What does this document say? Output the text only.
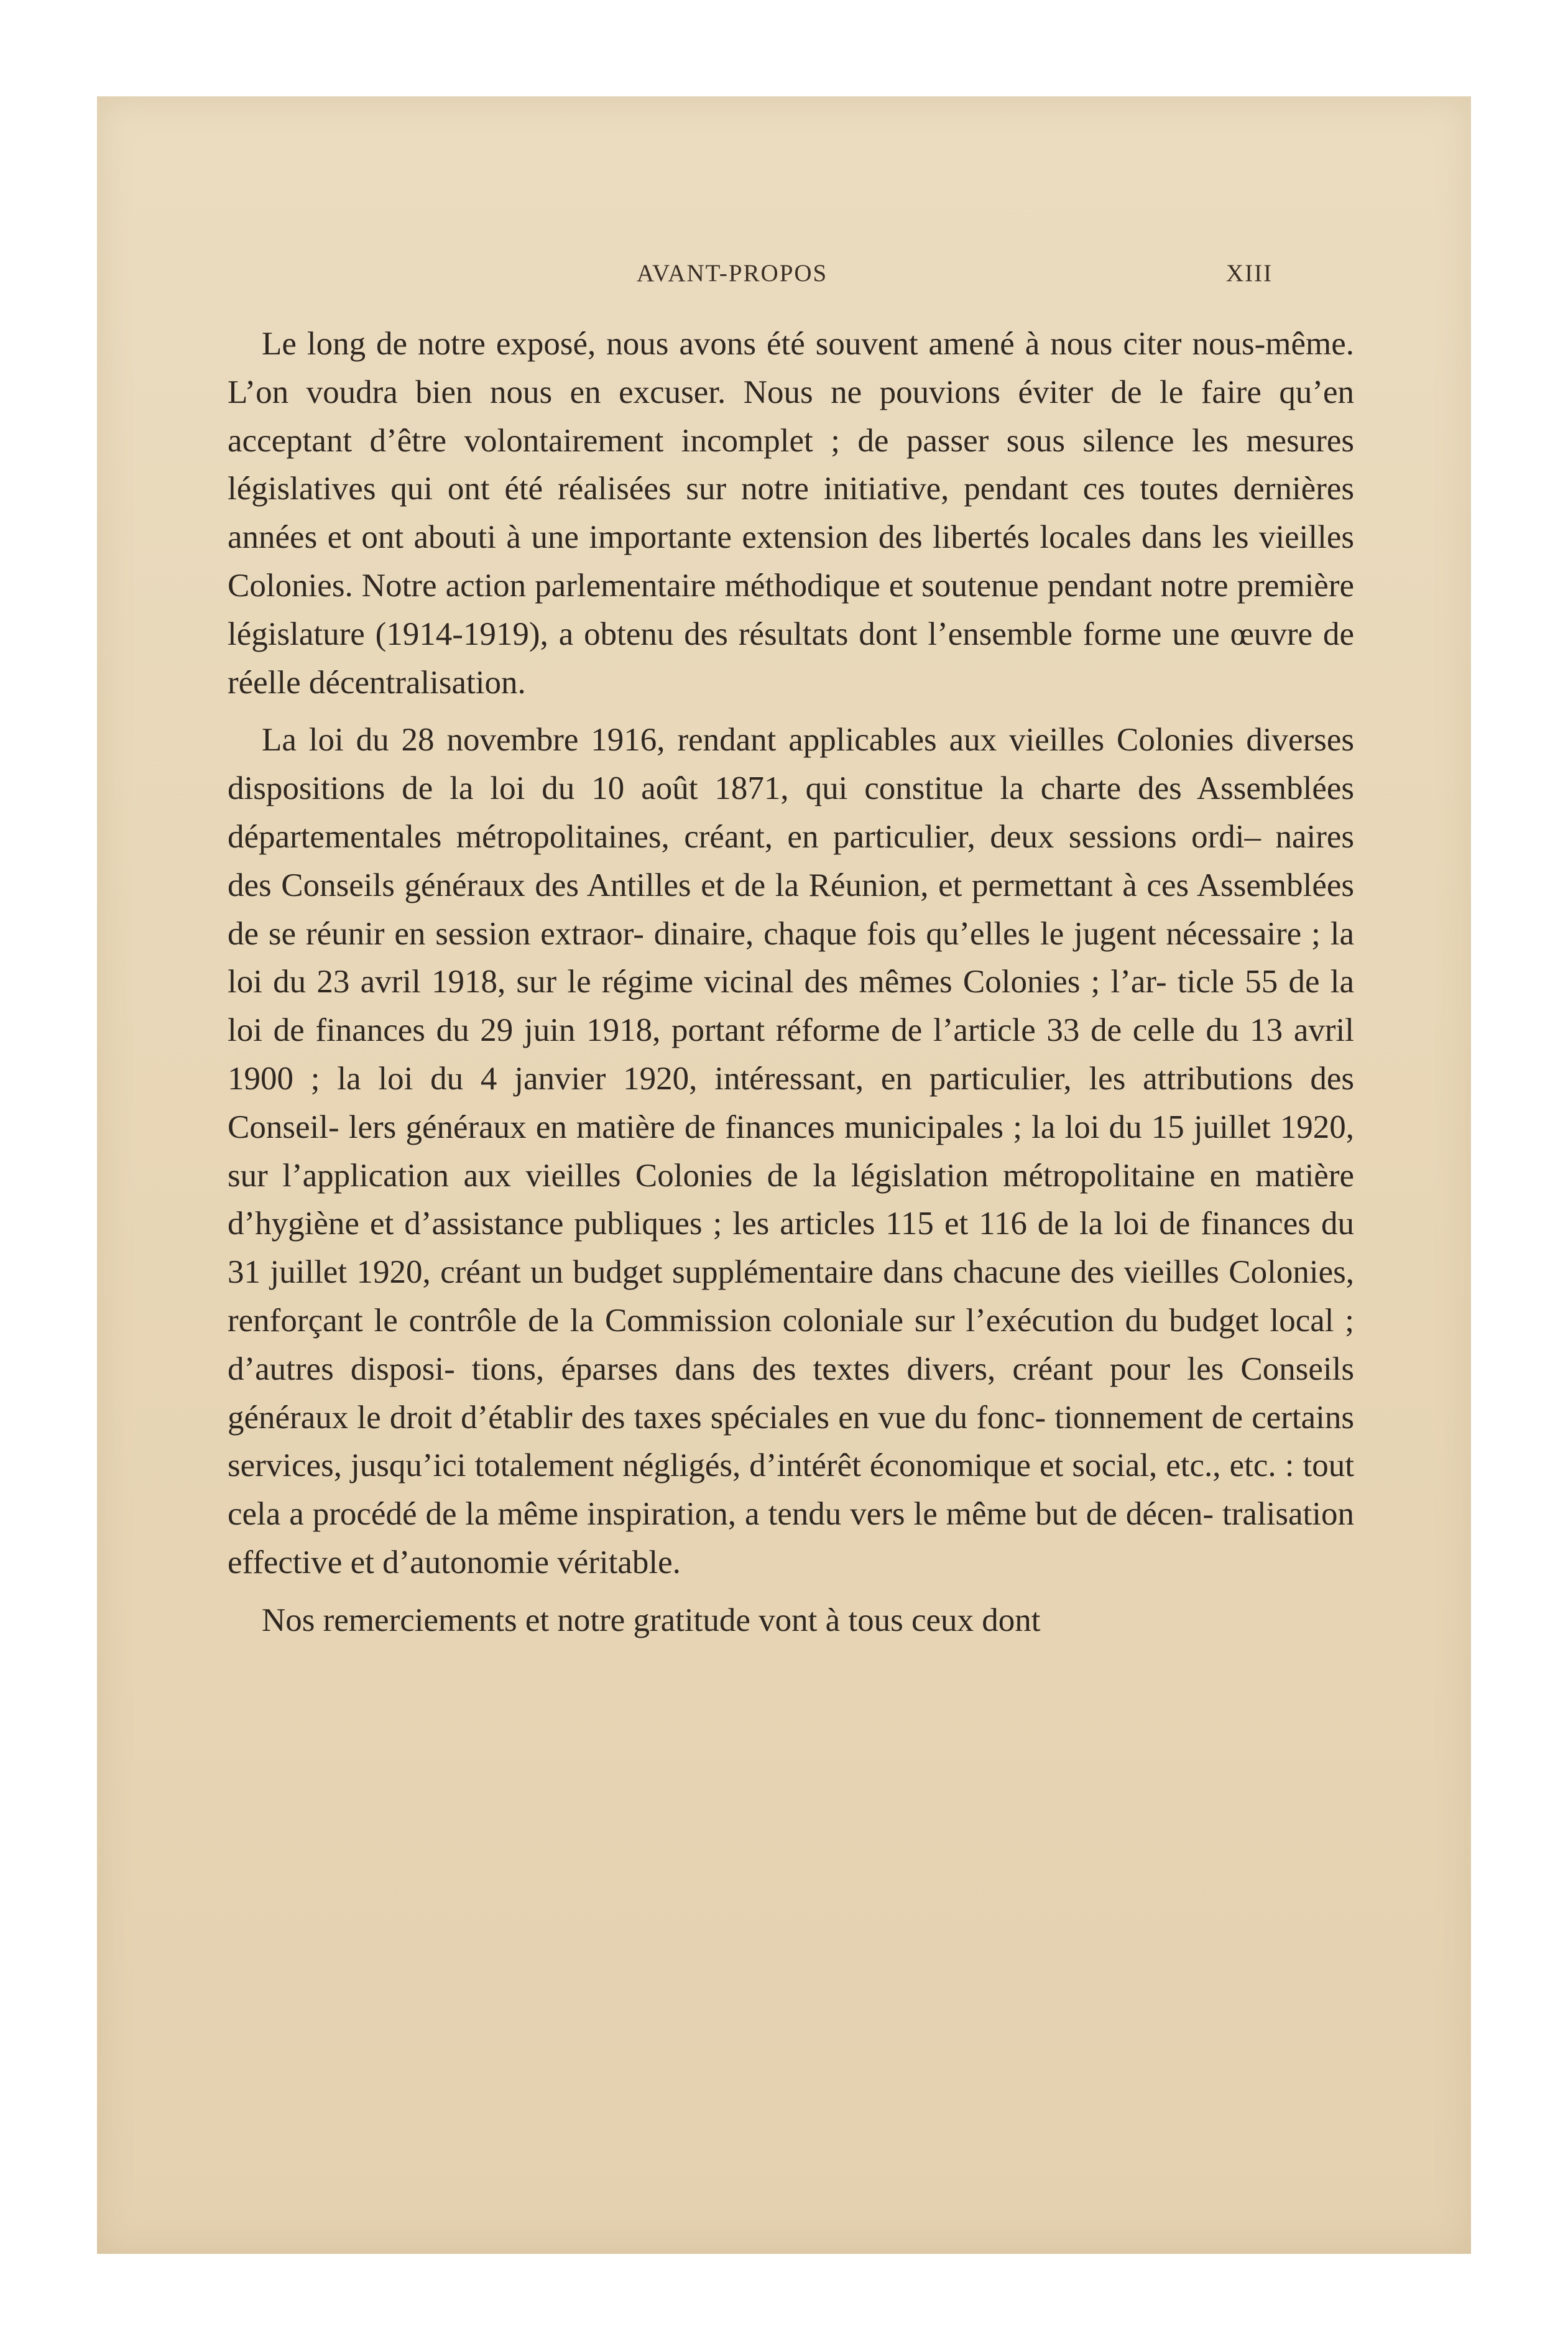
AVANT-PROPOS	XIII

Le long de notre exposé, nous avons été souvent amené à nous citer nous-même. L’on voudra bien nous en excuser. Nous ne pouvions éviter de le faire qu’en acceptant d’être volontairement incomplet ; de passer sous silence les mesures législatives qui ont été réalisées sur notre initiative, pendant ces toutes dernières années et ont abouti à une importante extension des libertés locales dans les vieilles Colonies. Notre action parlementaire méthodique et soutenue pendant notre première législature (1914-1919), a obtenu des résultats dont l’ensemble forme une œuvre de réelle décentralisation.

La loi du 28 novembre 1916, rendant applicables aux vieilles Colonies diverses dispositions de la loi du 10 août 1871, qui constitue la charte des Assemblées départementales métropolitaines, créant, en particulier, deux sessions ordi– naires des Conseils généraux des Antilles et de la Réunion, et permettant à ces Assemblées de se réunir en session extraor- dinaire, chaque fois qu’elles le jugent nécessaire ; la loi du 23 avril 1918, sur le régime vicinal des mêmes Colonies ; l’ar- ticle 55 de la loi de finances du 29 juin 1918, portant réforme de l’article 33 de celle du 13 avril 1900 ; la loi du 4 janvier 1920, intéressant, en particulier, les attributions des Conseil- lers généraux en matière de finances municipales ; la loi du 15 juillet 1920, sur l’application aux vieilles Colonies de la législation métropolitaine en matière d’hygiène et d’assistance publiques ; les articles 115 et 116 de la loi de finances du 31 juillet 1920, créant un budget supplémentaire dans chacune des vieilles Colonies, renforçant le contrôle de la Commission coloniale sur l’exécution du budget local ; d’autres disposi- tions, éparses dans des textes divers, créant pour les Conseils généraux le droit d’établir des taxes spéciales en vue du fonc- tionnement de certains services, jusqu’ici totalement négligés, d’intérêt économique et social, etc., etc. : tout cela a procédé de la même inspiration, a tendu vers le même but de décen- tralisation effective et d’autonomie véritable.

Nos remerciements et notre gratitude vont à tous ceux dont
